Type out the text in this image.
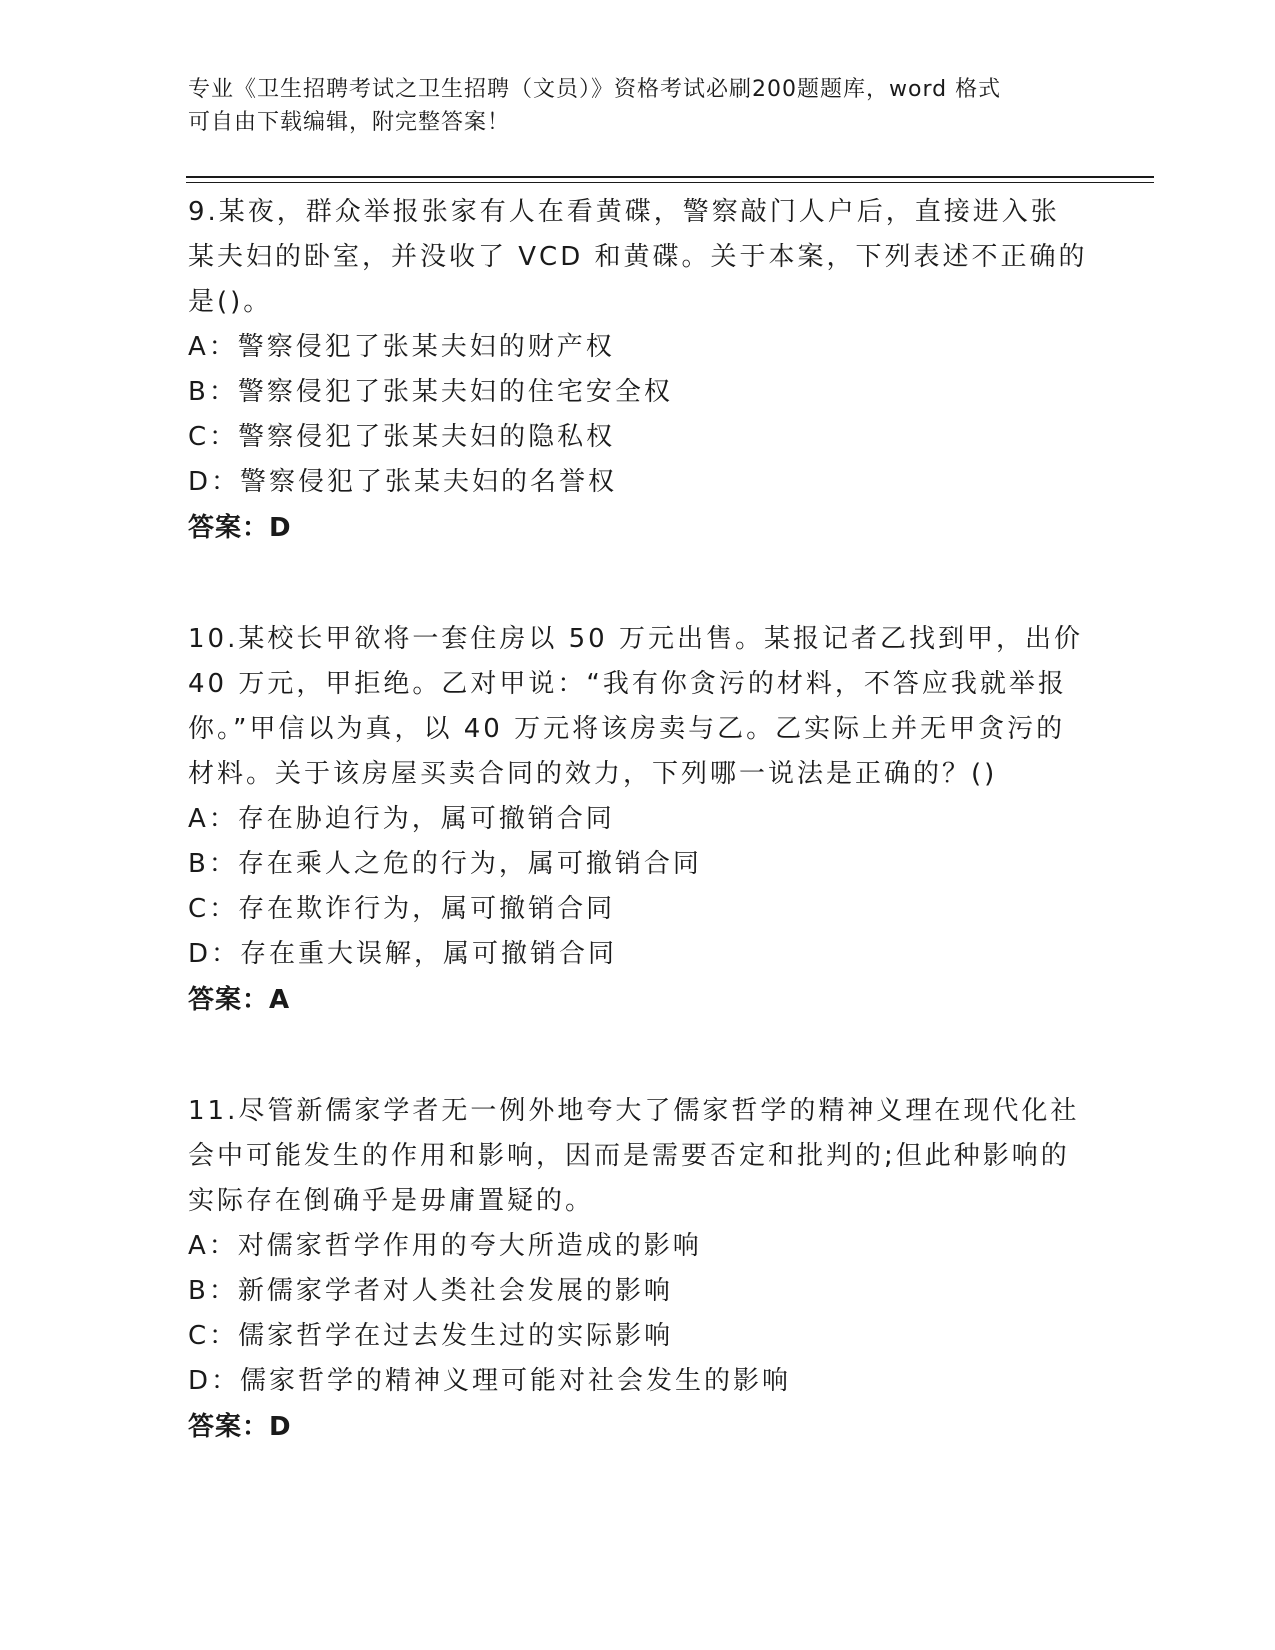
专业《卫生招聘考试之卫生招聘（文员）》资格考试必刷200题题库，word 格式
可自由下载编辑，附完整答案！
9.某夜，群众举报张家有人在看黄碟，警察敲门人户后，直接进入张
某夫妇的卧室，并没收了 VCD 和黄碟。关于本案，下列表述不正确的
是()。
A：警察侵犯了张某夫妇的财产权
B：警察侵犯了张某夫妇的住宅安全权
C：警察侵犯了张某夫妇的隐私权
D：警察侵犯了张某夫妇的名誉权
答案：D
10.某校长甲欲将一套住房以 50 万元出售。某报记者乙找到甲，出价
40 万元，甲拒绝。乙对甲说：“我有你贪污的材料，不答应我就举报
你。”甲信以为真，以 40 万元将该房卖与乙。乙实际上并无甲贪污的
材料。关于该房屋买卖合同的效力，下列哪一说法是正确的？()
A：存在胁迫行为，属可撤销合同
B：存在乘人之危的行为，属可撤销合同
C：存在欺诈行为，属可撤销合同
D：存在重大误解，属可撤销合同
答案：A
11.尽管新儒家学者无一例外地夸大了儒家哲学的精神义理在现代化社
会中可能发生的作用和影响，因而是需要否定和批判的;但此种影响的
实际存在倒确乎是毋庸置疑的。
A：对儒家哲学作用的夸大所造成的影响
B：新儒家学者对人类社会发展的影响
C：儒家哲学在过去发生过的实际影响
D：儒家哲学的精神义理可能对社会发生的影响
答案：D
